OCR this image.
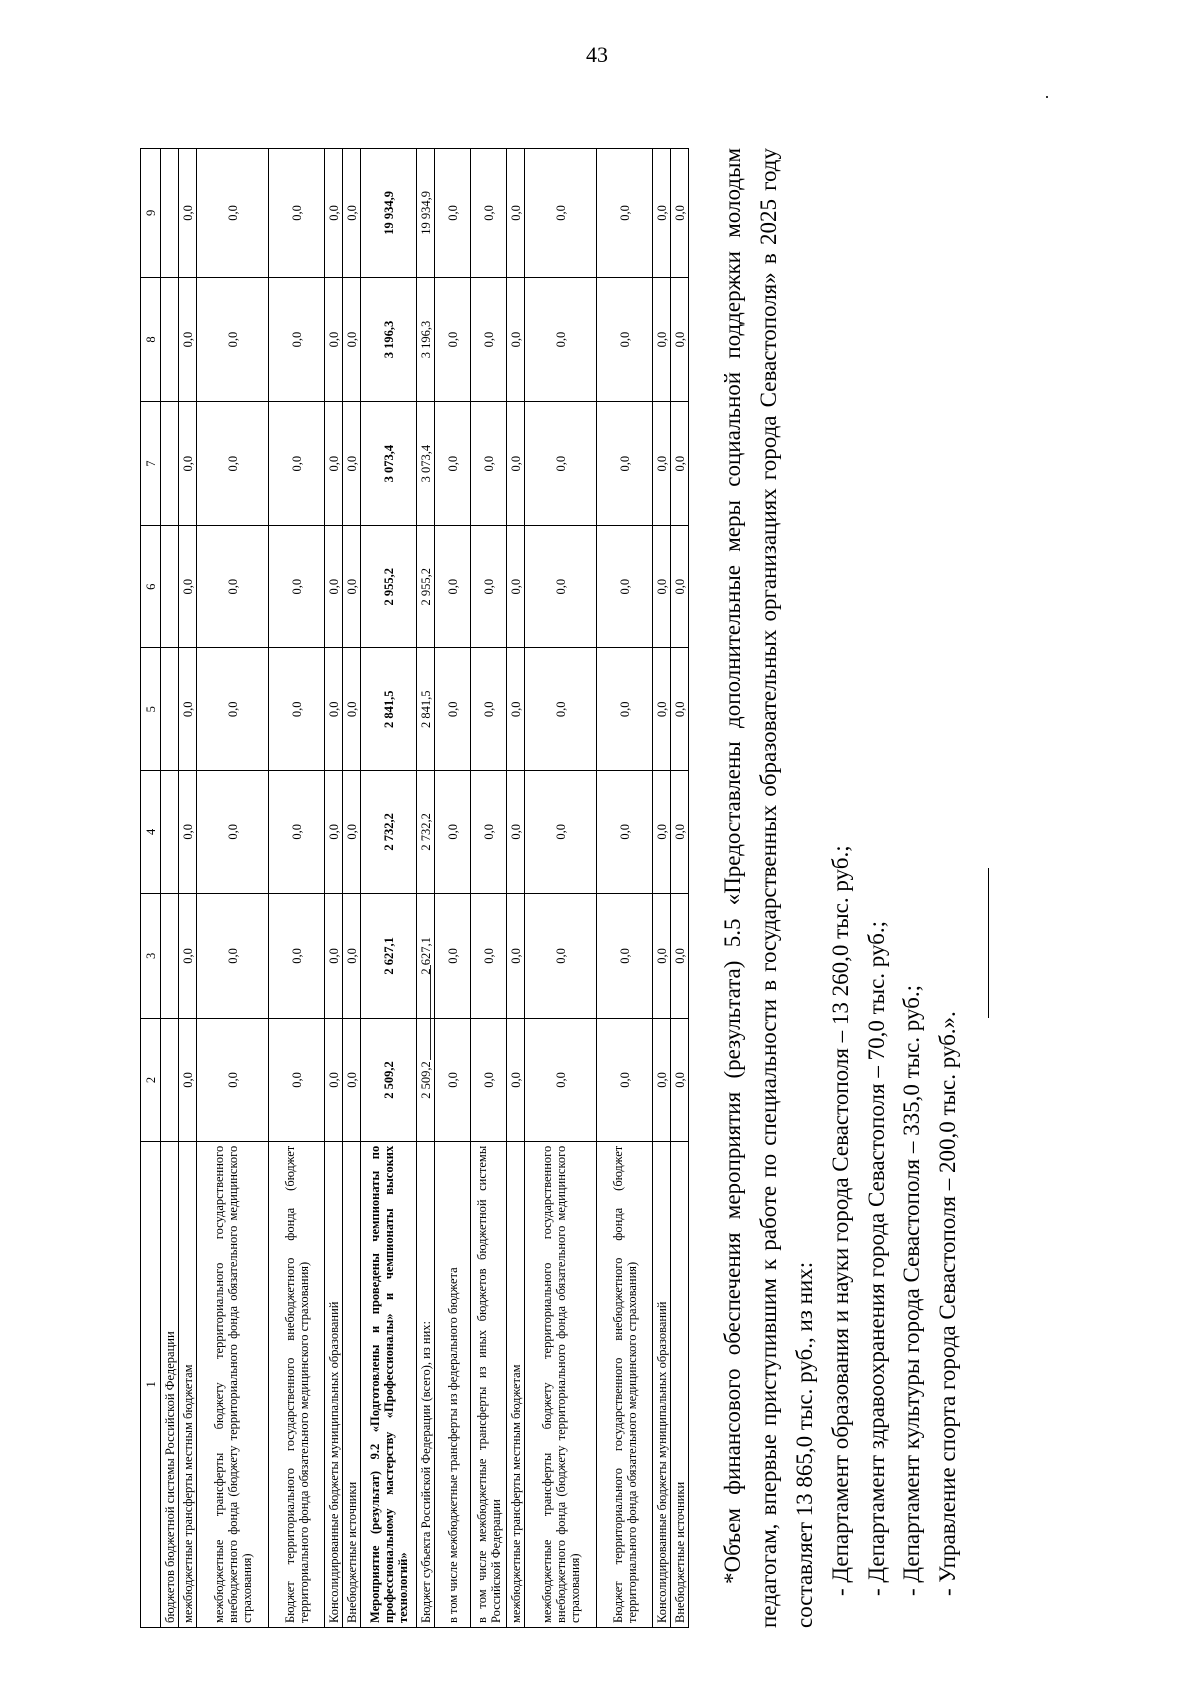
43
1	2	3	4	5	6	7	8	9
бюджетов бюджетной системы Российской Федерации								
межбюджетные трансферты местным бюджетам	0,0	0,0	0,0	0,0	0,0	0,0	0,0	0,0
межбюджетные трансферты бюджету территориального государственного внебюджетного фонда (бюджету территориального фонда обязательного медицинского страхования)	0,0	0,0	0,0	0,0	0,0	0,0	0,0	0,0
Бюджет территориального государственного внебюджетного фонда (бюджет территориального фонда обязательного медицинского страхования)	0,0	0,0	0,0	0,0	0,0	0,0	0,0	0,0
Консолидированные бюджеты муниципальных образований	0,0	0,0	0,0	0,0	0,0	0,0	0,0	0,0
Внебюджетные источники	0,0	0,0	0,0	0,0	0,0	0,0	0,0	0,0
Мероприятие (результат) 9.2 «Подготовлены и проведены чемпионаты по профессиональному мастерству «Профессионалы» и чемпионаты высоких технологий»	2 509,2	2 627,1	2 732,2	2 841,5	2 955,2	3 073,4	3 196,3	19 934,9
Бюджет субъекта Российской Федерации (всего), из них:	2 509,2	2 627,1	2 732,2	2 841,5	2 955,2	3 073,4	3 196,3	19 934,9
в том числе межбюджетные трансферты из федерального бюджета	0,0	0,0	0,0	0,0	0,0	0,0	0,0	0,0
в том числе межбюджетные трансферты из иных бюджетов бюджетной системы Российской Федерации	0,0	0,0	0,0	0,0	0,0	0,0	0,0	0,0
межбюджетные трансферты местным бюджетам	0,0	0,0	0,0	0,0	0,0	0,0	0,0	0,0
межбюджетные трансферты бюджету территориального государственного внебюджетного фонда (бюджету территориального фонда обязательного медицинского страхования)	0,0	0,0	0,0	0,0	0,0	0,0	0,0	0,0
Бюджет территориального государственного внебюджетного фонда (бюджет территориального фонда обязательного медицинского страхования)	0,0	0,0	0,0	0,0	0,0	0,0	0,0	0,0
Консолидированные бюджеты муниципальных образований	0,0	0,0	0,0	0,0	0,0	0,0	0,0	0,0
Внебюджетные источники	0,0	0,0	0,0	0,0	0,0	0,0	0,0	0,0 *Объем финансового обеспечения мероприятия (результата) 5.5 «Предоставлены дополнительные меры социальной поддержки молодым педагогам, впервые приступившим к работе по специальности в государственных образовательных организациях города Севастополя» в 2025 году составляет 13 865,0 тыс. руб., из них: - Департамент образования и науки города Севастополя – 13 260,0 тыс. руб.; - Департамент здравоохранения города Севастополя – 70,0 тыс. руб.; - Департамент культуры города Севастополя – 335,0 тыс. руб.; - Управление спорта города Севастополя – 200,0 тыс. руб.».
